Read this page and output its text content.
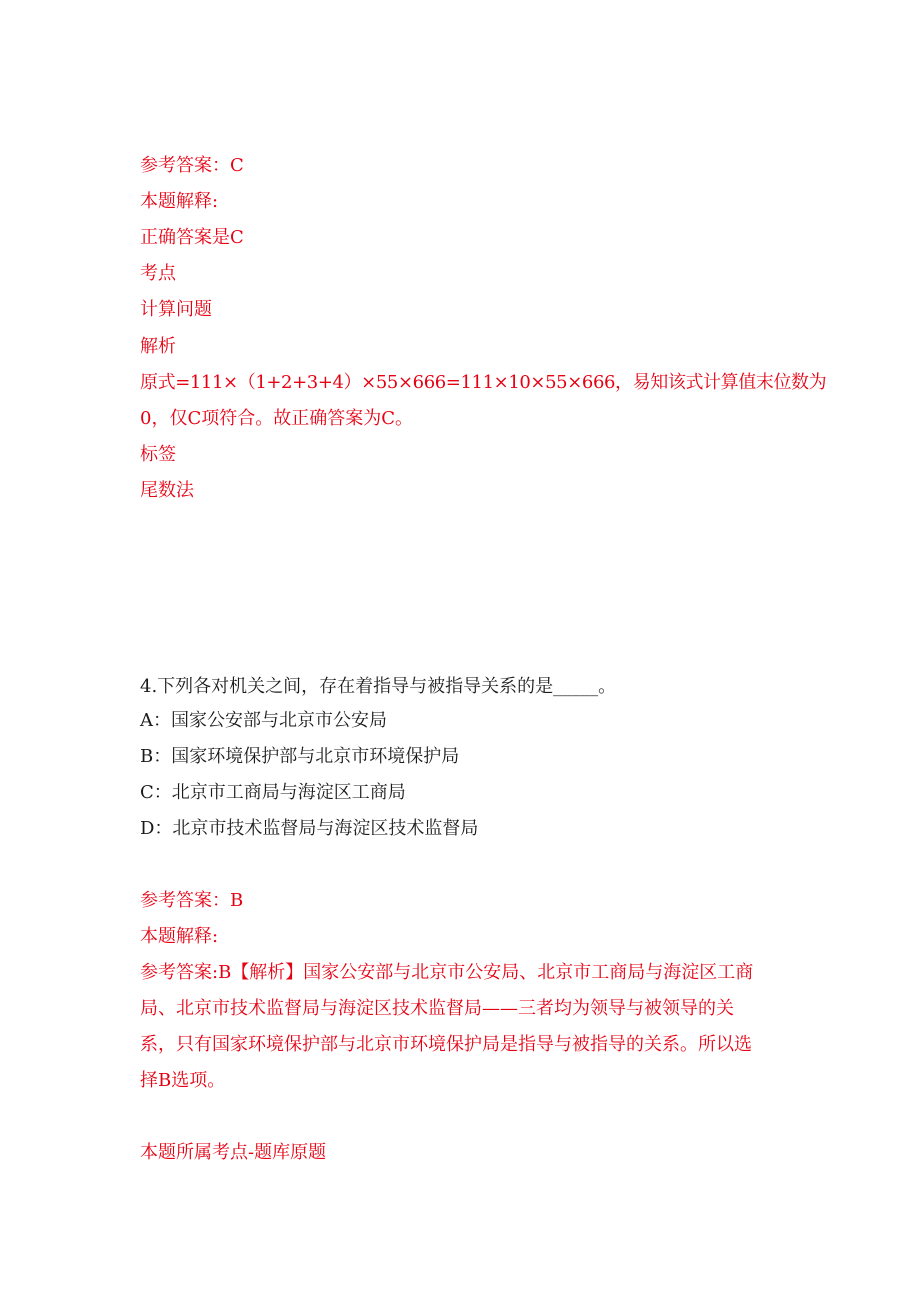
参考答案：C
本题解释:
正确答案是C
考点
计算问题
解析
原式=111×（1+2+3+4）×55×666=111×10×55×666，易知该式计算值末位数为
0，仅C项符合。故正确答案为C。
标签
尾数法
4.下列各对机关之间，存在着指导与被指导关系的是_____。
A：国家公安部与北京市公安局
B：国家环境保护部与北京市环境保护局
C：北京市工商局与海淀区工商局
D：北京市技术监督局与海淀区技术监督局
参考答案：B
本题解释:
参考答案:B【解析】国家公安部与北京市公安局、北京市工商局与海淀区工商
局、北京市技术监督局与海淀区技术监督局——三者均为领导与被领导的关
系，只有国家环境保护部与北京市环境保护局是指导与被指导的关系。所以选
择B选项。
本题所属考点-题库原题
